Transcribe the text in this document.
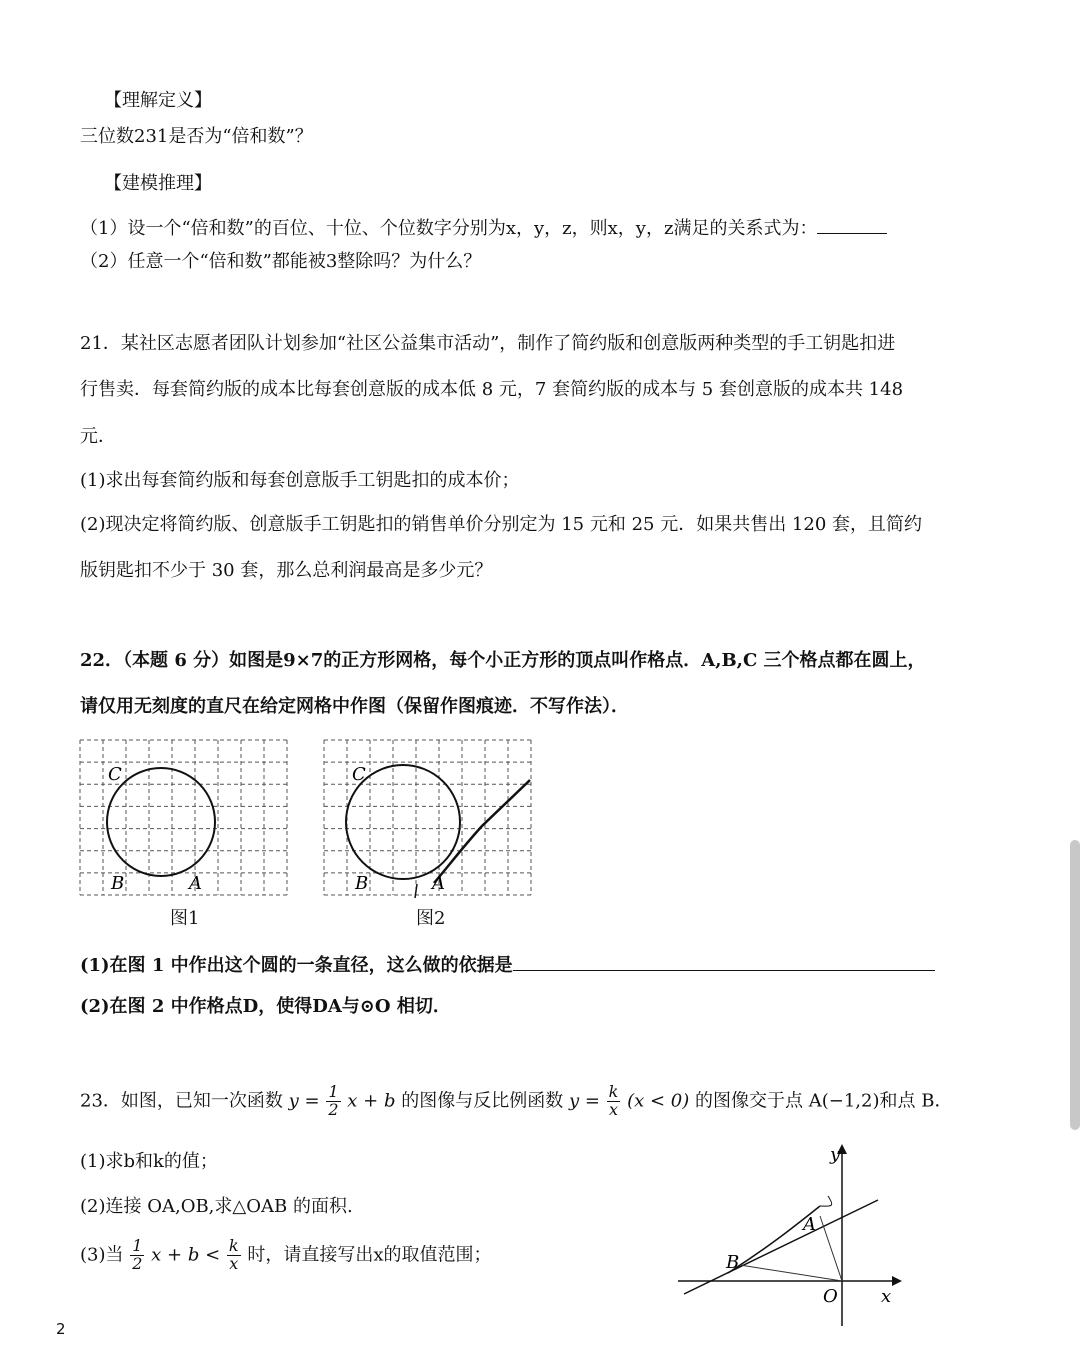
【理解定义】
三位数231是否为“倍和数”？
【建模推理】
（1）设一个“倍和数”的百位、十位、个位数字分别为x，y，z，则x，y，z满足的关系式为：
（2）任意一个“倍和数”都能被3整除吗？为什么？
21．某社区志愿者团队计划参加“社区公益集市活动”，制作了简约版和创意版两种类型的手工钥匙扣进
行售卖．每套简约版的成本比每套创意版的成本低 8 元，7 套简约版的成本与 5 套创意版的成本共 148
元．
(1)求出每套简约版和每套创意版手工钥匙扣的成本价；
(2)现决定将简约版、创意版手工钥匙扣的销售单价分别定为 15 元和 25 元．如果共售出 120 套，且简约
版钥匙扣不少于 30 套，那么总利润最高是多少元？
22．（本题 6 分）如图是9×7的正方形网格，每个小正方形的顶点叫作格点．A,B,C 三个格点都在圆上，
请仅用无刻度的直尺在给定网格中作图（保留作图痕迹．不写作法）．
C
B	A
图1
C
B	A
图2
(1)在图 1 中作出这个圆的一条直径，这么做的依据是
(2)在图 2 中作格点D，使得DA与⊙O 相切．
23．如图，已知一次函数 $y = \frac{1}{2}$ x + b 的图像与反比例函数 $y = \frac{k}{x} (x < 0)$ 的图像交于点 A(−1,2)和点 B．
(1)求b和k的值；
(2)连接 OA,OB,求△OAB 的面积.
(3)当 $\frac{1}{2}$ $x + b < \frac{k}{x}$ 时，请直接写出x的取值范围；
y
x
A
B
O
2
